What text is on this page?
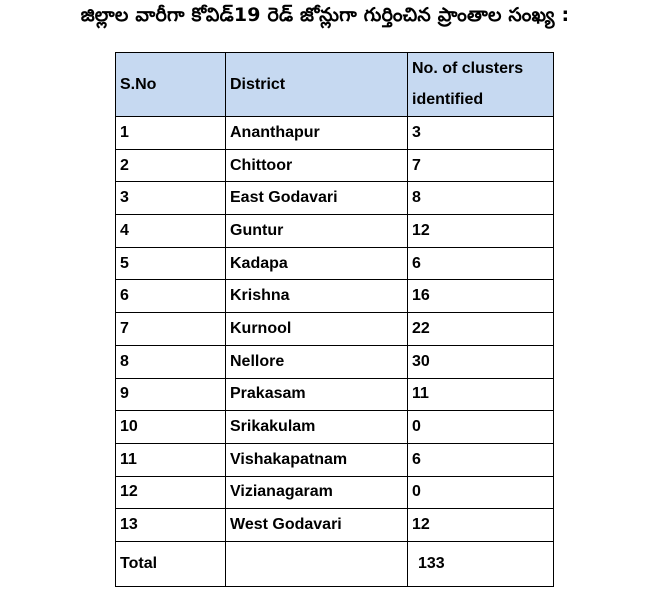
జిల్లాల వారీగా కోవిడ్19 రెడ్ జోన్లుగా గుర్తించిన ప్రాంతాల సంఖ్య :
S.No	District	No. of clusters
identified
1	Ananthapur	3
2	Chittoor	7
3	East Godavari	8
4	Guntur	12
5	Kadapa	6
6	Krishna	16
7	Kurnool	22
8	Nellore	30
9	Prakasam	11
10	Srikakulam	0
11	Vishakapatnam	6
12	Vizianagaram	0
13	West Godavari	12
Total		133
